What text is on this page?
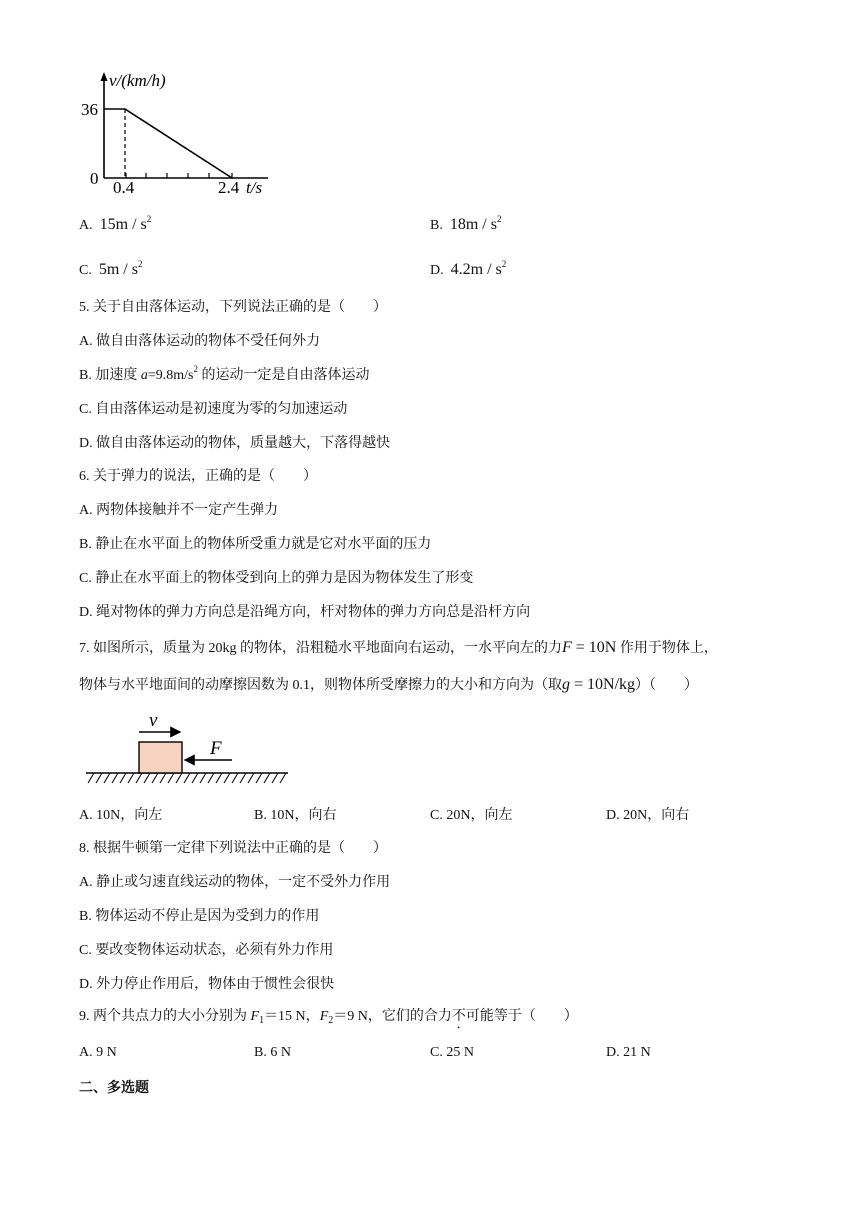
v/(km/h)
36
0 0.4	2.4 t/s
A. $15m / s^2$	B. $18m / s^2$
C. $5m / s^2$	D. $4.2m / s^2$
5. 关于自由落体运动，下列说法正确的是（　　）
A. 做自由落体运动的物体不受任何外力
B. 加速度 $a=9.8m/s^2$ 的运动一定是自由落体运动
C. 自由落体运动是初速度为零的匀加速运动
D. 做自由落体运动的物体，质量越大，下落得越快
6. 关于弹力的说法，正确的是（　　）
A. 两物体接触并不一定产生弹力
B. 静止在水平面上的物体所受重力就是它对水平面的压力
C. 静止在水平面上的物体受到向上的弹力是因为物体发生了形变
D. 绳对物体的弹力方向总是沿绳方向，杆对物体的弹力方向总是沿杆方向
7. 如图所示，质量为 20kg 的物体，沿粗糙水平地面向右运动，一水平向左的力F = 10N 作用于物体上，
物体与水平地面间的动摩擦因数为 0.1，则物体所受摩擦力的大小和方向为（取g = 10N/kg）（　　）
v
F
A. 10N，向左	B. 10N，向右	C. 20N，向左	D. 20N，向右
8. 根据牛顿第一定律下列说法中正确的是（　　）
A. 静止或匀速直线运动的物体，一定不受外力作用
B. 物体运动不停止是因为受到力的作用
C. 要改变物体运动状态，必须有外力作用
D. 外力停止作用后，物体由于惯性会很快
9. 两个共点力的大小分别为 $F_1=15$ N，$F_2=9$ N，它们的合力不可能等于（　　）
A. 9 N	B. 6 N	C. 25 N	D. 21 N
二、多选题
